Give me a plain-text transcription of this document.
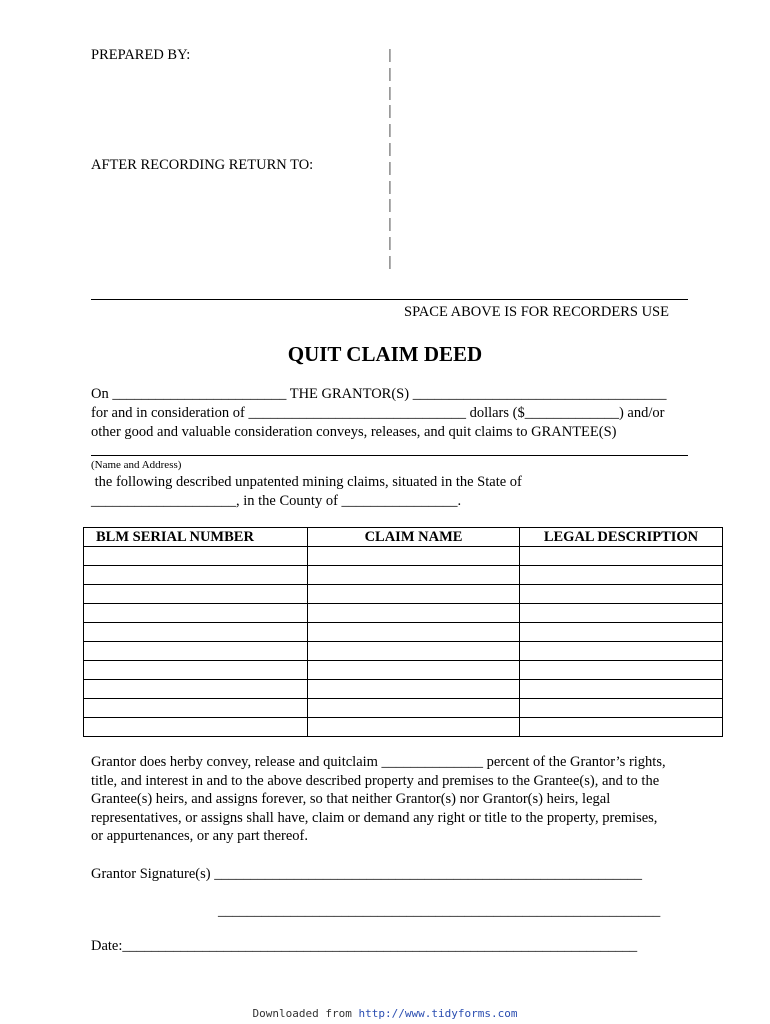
PREPARED BY:
AFTER RECORDING RETURN TO:
|
|
|
|
|
|
|
|
|
|
|
|
SPACE ABOVE IS FOR RECORDERS USE
QUIT CLAIM DEED
On ________________________ THE GRANTOR(S) ___________________________________
for and in consideration of ______________________________ dollars ($_____________) and/or
other good and valuable consideration conveys, releases, and quit claims to GRANTEE(S)
(Name and Address)
the following described unpatented mining claims, situated in the State of
____________________, in the County of ________________.
BLM SERIAL NUMBER	CLAIM NAME	LEGAL DESCRIPTION

Grantor does herby convey, release and quitclaim ______________ percent of the Grantor’s rights,
title, and interest in and to the above described property and premises to the Grantee(s), and to the
Grantee(s) heirs, and assigns forever, so that neither Grantor(s) nor Grantor(s) heirs, legal
representatives, or assigns shall have, claim or demand any right or title to the property, premises,
or appurtenances, or any part thereof.
Grantor Signature(s) ___________________________________________________________
_____________________________________________________________
Date:_______________________________________________________________________
Downloaded from http://www.tidyforms.com
